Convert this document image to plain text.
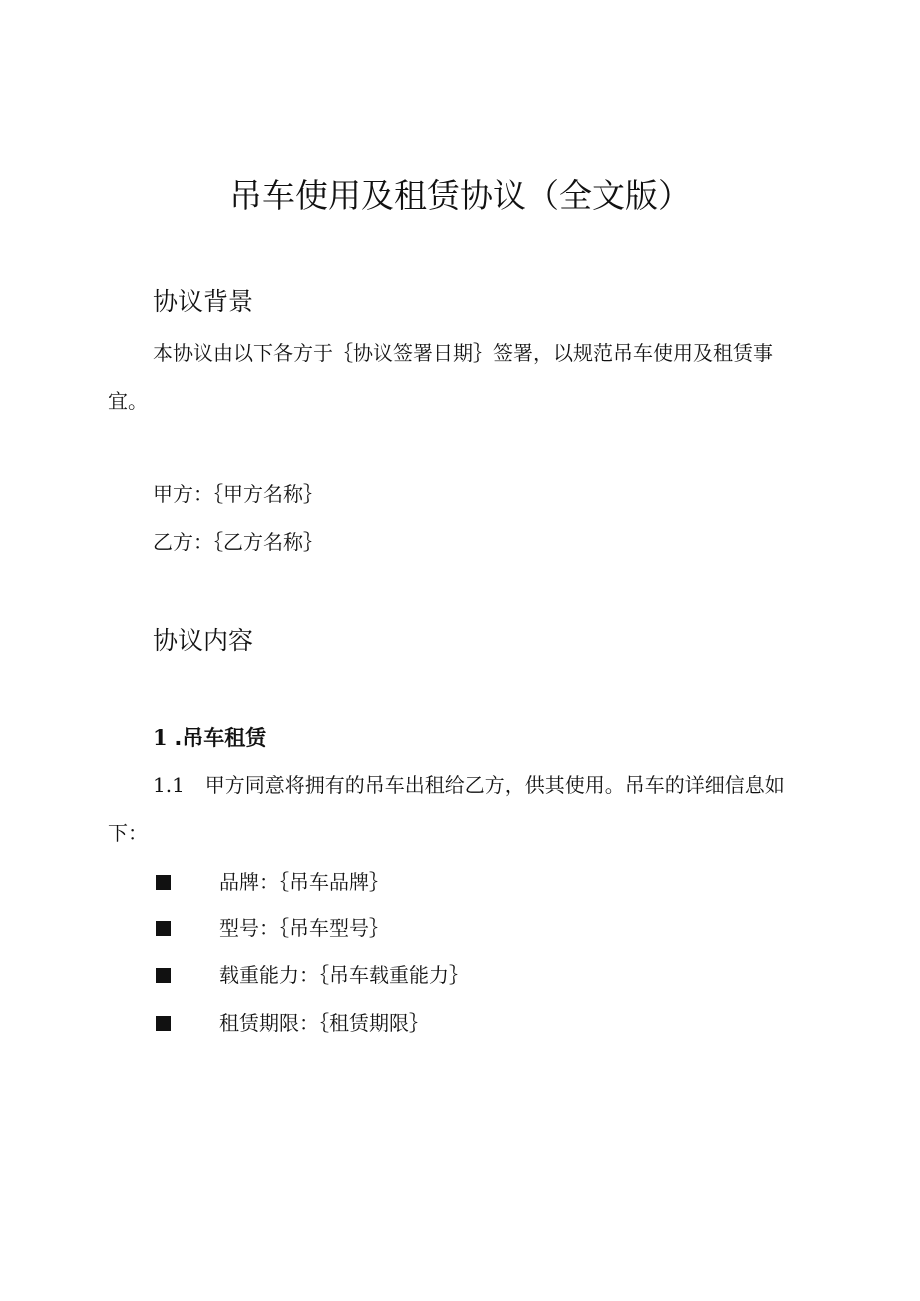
吊车使用及租赁协议（全文版）
协议背景

本协议由以下各方于｛协议签署日期｝签署，以规范吊车使用及租赁事宜。

甲方：｛甲方名称｝

乙方：｛乙方名称｝

协议内容

1 .吊车租赁

1.1　甲方同意将拥有的吊车出租给乙方，供其使用。吊车的详细信息如下：

品牌：｛吊车品牌｝
型号：｛吊车型号｝
载重能力：｛吊车载重能力｝
租赁期限：｛租赁期限｝
